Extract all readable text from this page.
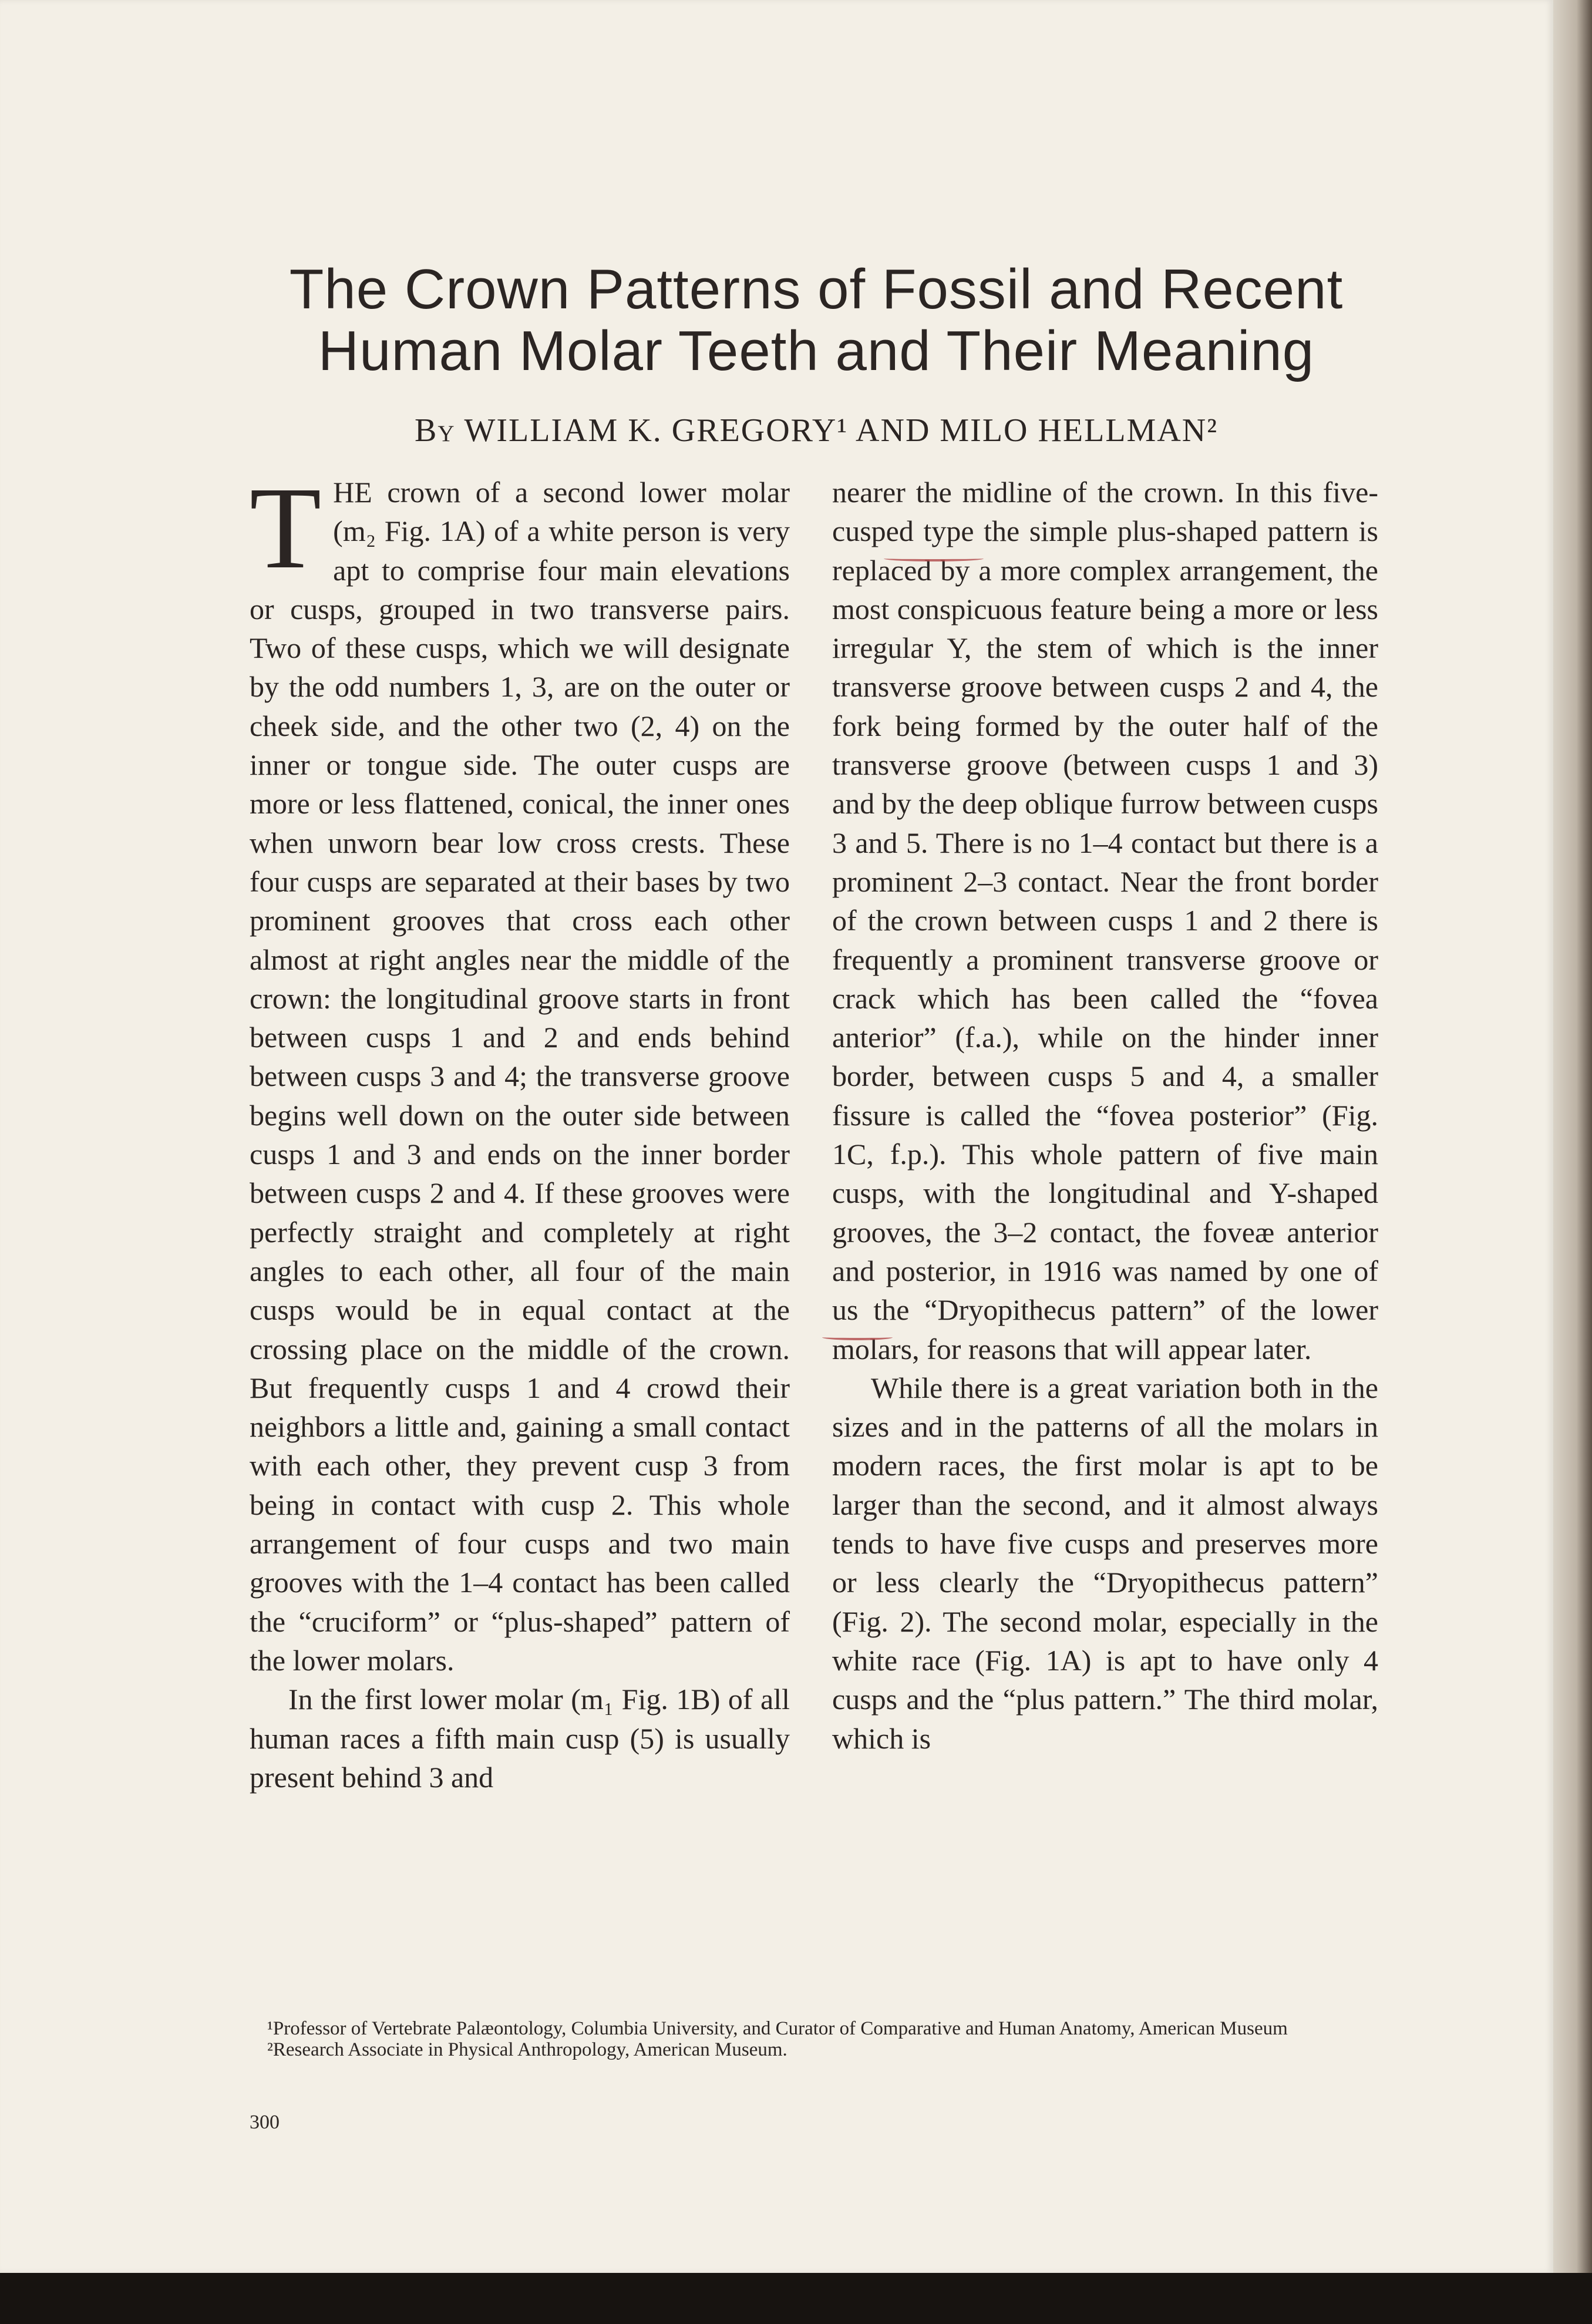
The Crown Patterns of Fossil and Recent
Human Molar Teeth and Their Meaning
By WILLIAM K. GREGORY¹ AND MILO HELLMAN²

THE crown of a second lower molar (m₂ Fig. 1A) of a white person is very apt to comprise four main elevations or cusps, grouped in two transverse pairs. Two of these cusps, which we will designate by the odd numbers 1, 3, are on the outer or cheek side, and the other two (2, 4) on the inner or tongue side. The outer cusps are more or less flattened, conical, the inner ones when unworn bear low cross crests. These four cusps are separated at their bases by two prominent grooves that cross each other almost at right angles near the middle of the crown: the longitudinal groove starts in front between cusps 1 and 2 and ends behind between cusps 3 and 4; the transverse groove begins well down on the outer side between cusps 1 and 3 and ends on the inner border between cusps 2 and 4. If these grooves were perfectly straight and completely at right angles to each other, all four of the main cusps would be in equal contact at the crossing place on the middle of the crown. But frequently cusps 1 and 4 crowd their neighbors a little and, gaining a small contact with each other, they prevent cusp 3 from being in contact with cusp 2. This whole arrangement of four cusps and two main grooves with the 1–4 contact has been called the “cruciform” or “plus-shaped” pattern of the lower molars.

In the first lower molar (m₁ Fig. 1B) of all human races a fifth main cusp (5) is usually present behind 3 and

nearer the midline of the crown. In this five-cusped type the simple plus-shaped pattern is replaced by a more complex arrangement, the most conspicuous feature being a more or less irregular Y, the stem of which is the inner transverse groove between cusps 2 and 4, the fork being formed by the outer half of the transverse groove (between cusps 1 and 3) and by the deep oblique furrow between cusps 3 and 5. There is no 1–4 contact but there is a prominent 2–3 contact. Near the front border of the crown between cusps 1 and 2 there is frequently a prominent transverse groove or crack which has been called the “fovea anterior” (f.a.), while on the hinder inner border, between cusps 5 and 4, a smaller fissure is called the “fovea posterior” (Fig. 1C, f.p.). This whole pattern of five main cusps, with the longitudinal and Y-shaped grooves, the 3–2 contact, the foveæ anterior and posterior, in 1916 was named by one of us the “Dryopithecus pattern” of the lower molars, for reasons that will appear later.

While there is a great variation both in the sizes and in the patterns of all the molars in modern races, the first molar is apt to be larger than the second, and it almost always tends to have five cusps and preserves more or less clearly the “Dryopithecus pattern” (Fig. 2). The second molar, especially in the white race (Fig. 1A) is apt to have only 4 cusps and the “plus pattern.” The third molar, which is

¹Professor of Vertebrate Palæontology, Columbia University, and Curator of Comparative and Human Anatomy, American Museum

²Research Associate in Physical Anthropology, American Museum.

300
